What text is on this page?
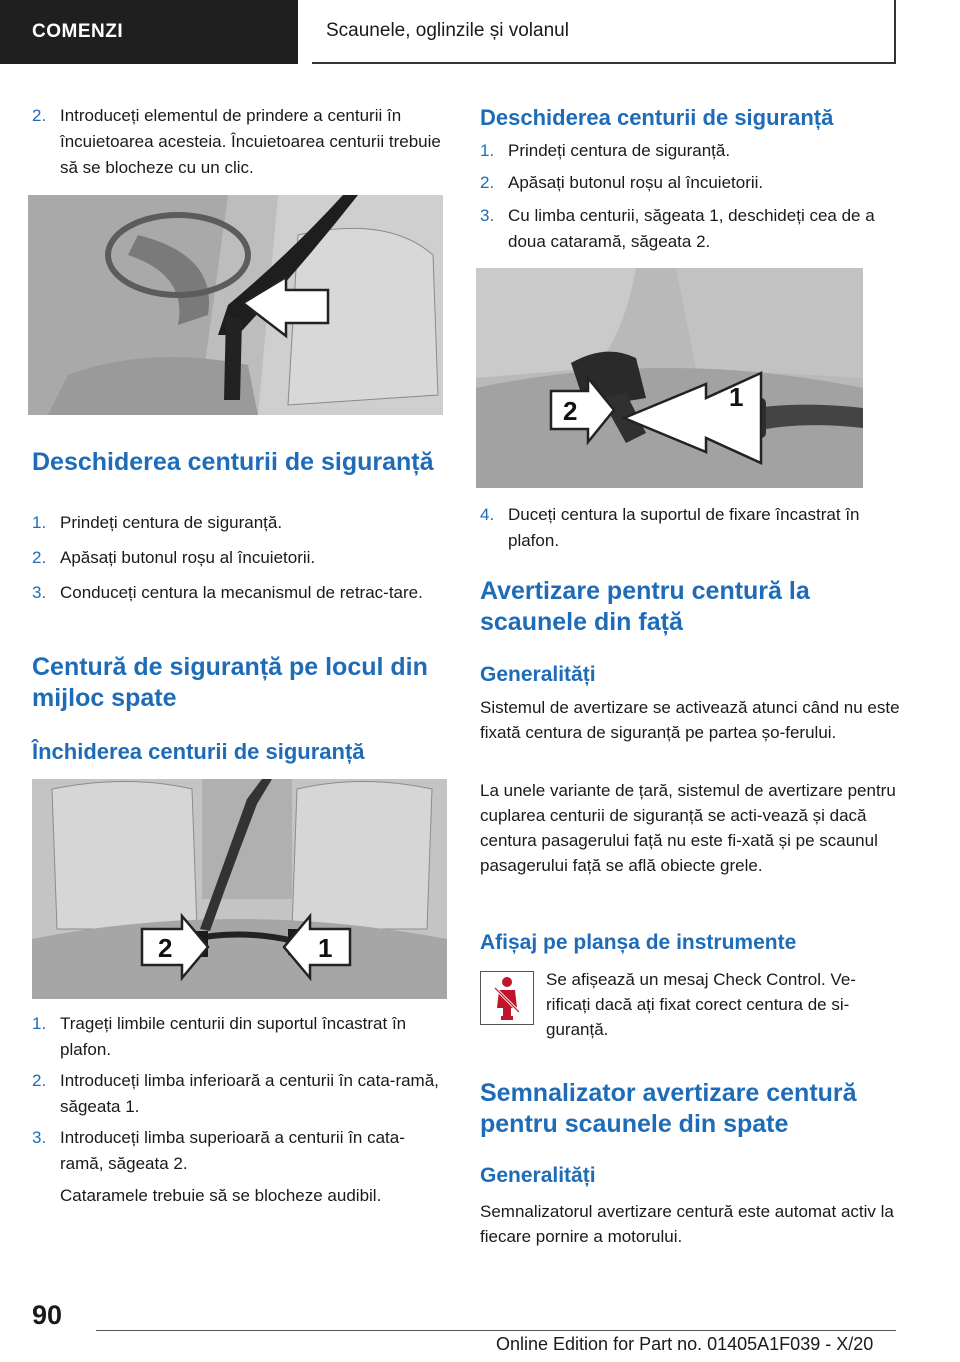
COMENZI	Scaunele, oglinzile și volanul
2. Introduceți elementul de prindere a centurii în încuietoarea acesteia. Încuietoarea centurii trebuie să se blocheze cu un clic.
Deschiderea centurii de siguranță
1. Prindeți centura de siguranță.
2. Apăsați butonul roșu al încuietorii.
3. Conduceți centura la mecanismul de retrac-tare.
Centură de siguranță pe locul din mijloc spate
Închiderea centurii de siguranță
2	1
1. Trageți limbile centurii din suportul încastrat în plafon.
2. Introduceți limba inferioară a centurii în cata-ramă, săgeata 1.
3. Introduceți limba superioară a centurii în cata-ramă, săgeata 2.
Cataramele trebuie să se blocheze audibil.
Deschiderea centurii de siguranță
1. Prindeți centura de siguranță.
2. Apăsați butonul roșu al încuietorii.
3. Cu limba centurii, săgeata 1, deschideți cea de a doua cataramă, săgeata 2.
2	1
4. Duceți centura la suportul de fixare încastrat în plafon.
Avertizare pentru centură la scaunele din față
Generalități
Sistemul de avertizare se activează atunci când nu este fixată centura de siguranță pe partea șo-ferului.
La unele variante de țară, sistemul de avertizare pentru cuplarea centurii de siguranță se acti-vează și dacă centura pasagerului față nu este fi-xată și pe scaunul pasagerului față se află obiecte grele.
Afișaj pe planșa de instrumente
Se afișează un mesaj Check Control. Ve-rificați dacă ați fixat corect centura de si-guranță.
Semnalizator avertizare centură pentru scaunele din spate
Generalități
Semnalizatorul avertizare centură este automat activ la fiecare pornire a motorului.
90
Online Edition for Part no. 01405A1F039 - X/20
